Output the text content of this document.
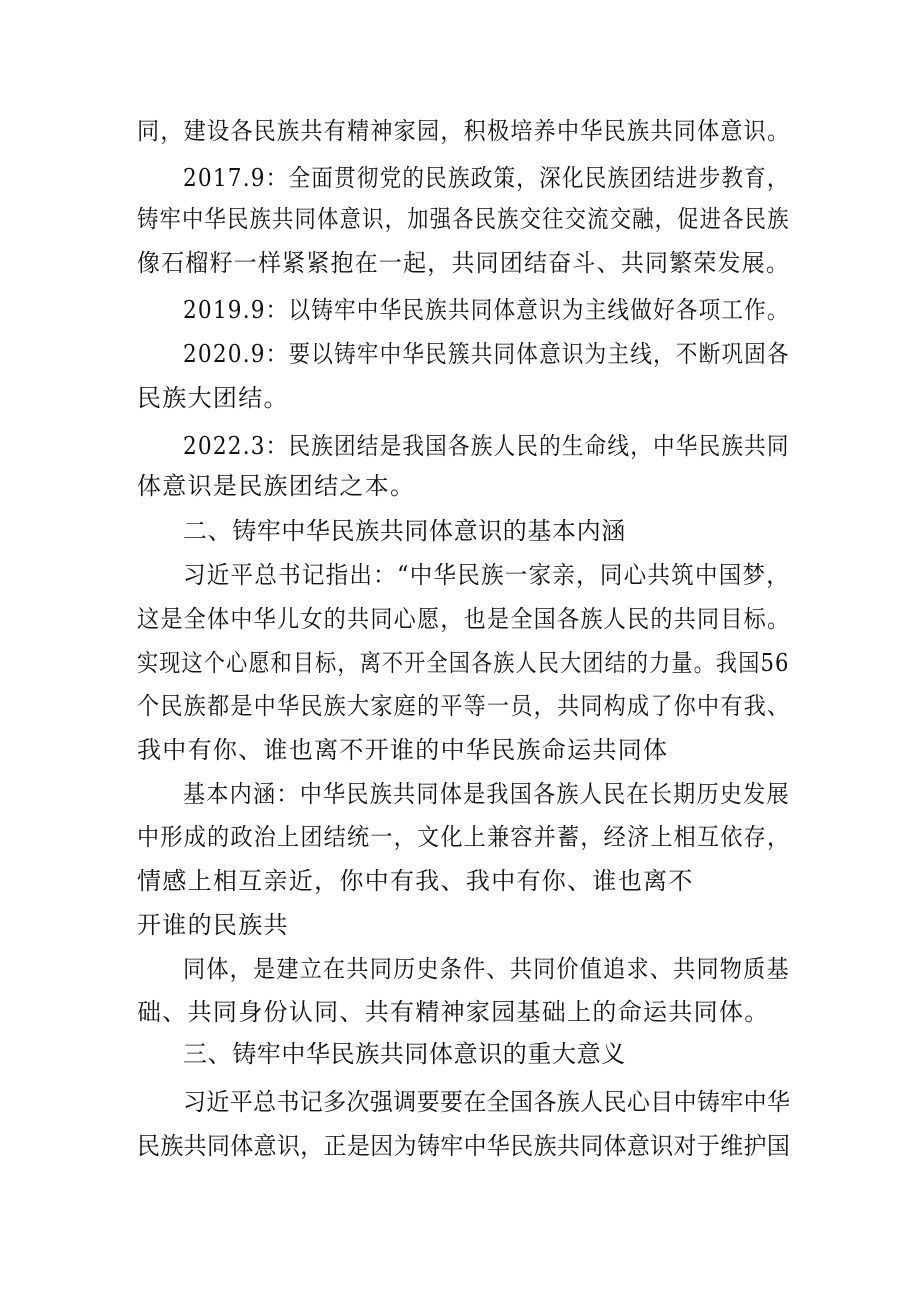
同，建设各民族共有精神家园，积极培养中华民族共同体意识。
2017.9：全面贯彻党的民族政策，深化民族团结进步教育，
铸牢中华民族共同体意识，加强各民族交往交流交融，促进各民族
像石榴籽一样紧紧抱在一起，共同团结奋斗、共同繁荣发展。
2019.9：以铸牢中华民族共同体意识为主线做好各项工作。
2020.9：要以铸牢中华民簇共同体意识为主线，不断巩固各
民族大团结。
2022.3：民族团结是我国各族人民的生命线，中华民族共同
体意识是民族团结之本。
二、铸牢中华民族共同体意识的基本内涵
习近平总书记指出：“中华民族一家亲，同心共筑中国梦，
这是全体中华儿女的共同心愿，也是全国各族人民的共同目标。
实现这个心愿和目标，离不开全国各族人民大团结的力量。我国56
个民族都是中华民族大家庭的平等一员，共同构成了你中有我、
我中有你、谁也离不开谁的中华民族命运共同体
基本内涵：中华民族共同体是我国各族人民在长期历史发展
中形成的政治上团结统一，文化上兼容并蓄，经济上相互依存，
情感上相互亲近，你中有我、我中有你、谁也离不
开谁的民族共
同体，是建立在共同历史条件、共同价值追求、共同物质基
础、共同身份认同、共有精神家园基础上的命运共同体。
三、铸牢中华民族共同体意识的重大意义
习近平总书记多次强调要要在全国各族人民心目中铸牢中华
民族共同体意识，正是因为铸牢中华民族共同体意识对于维护国
